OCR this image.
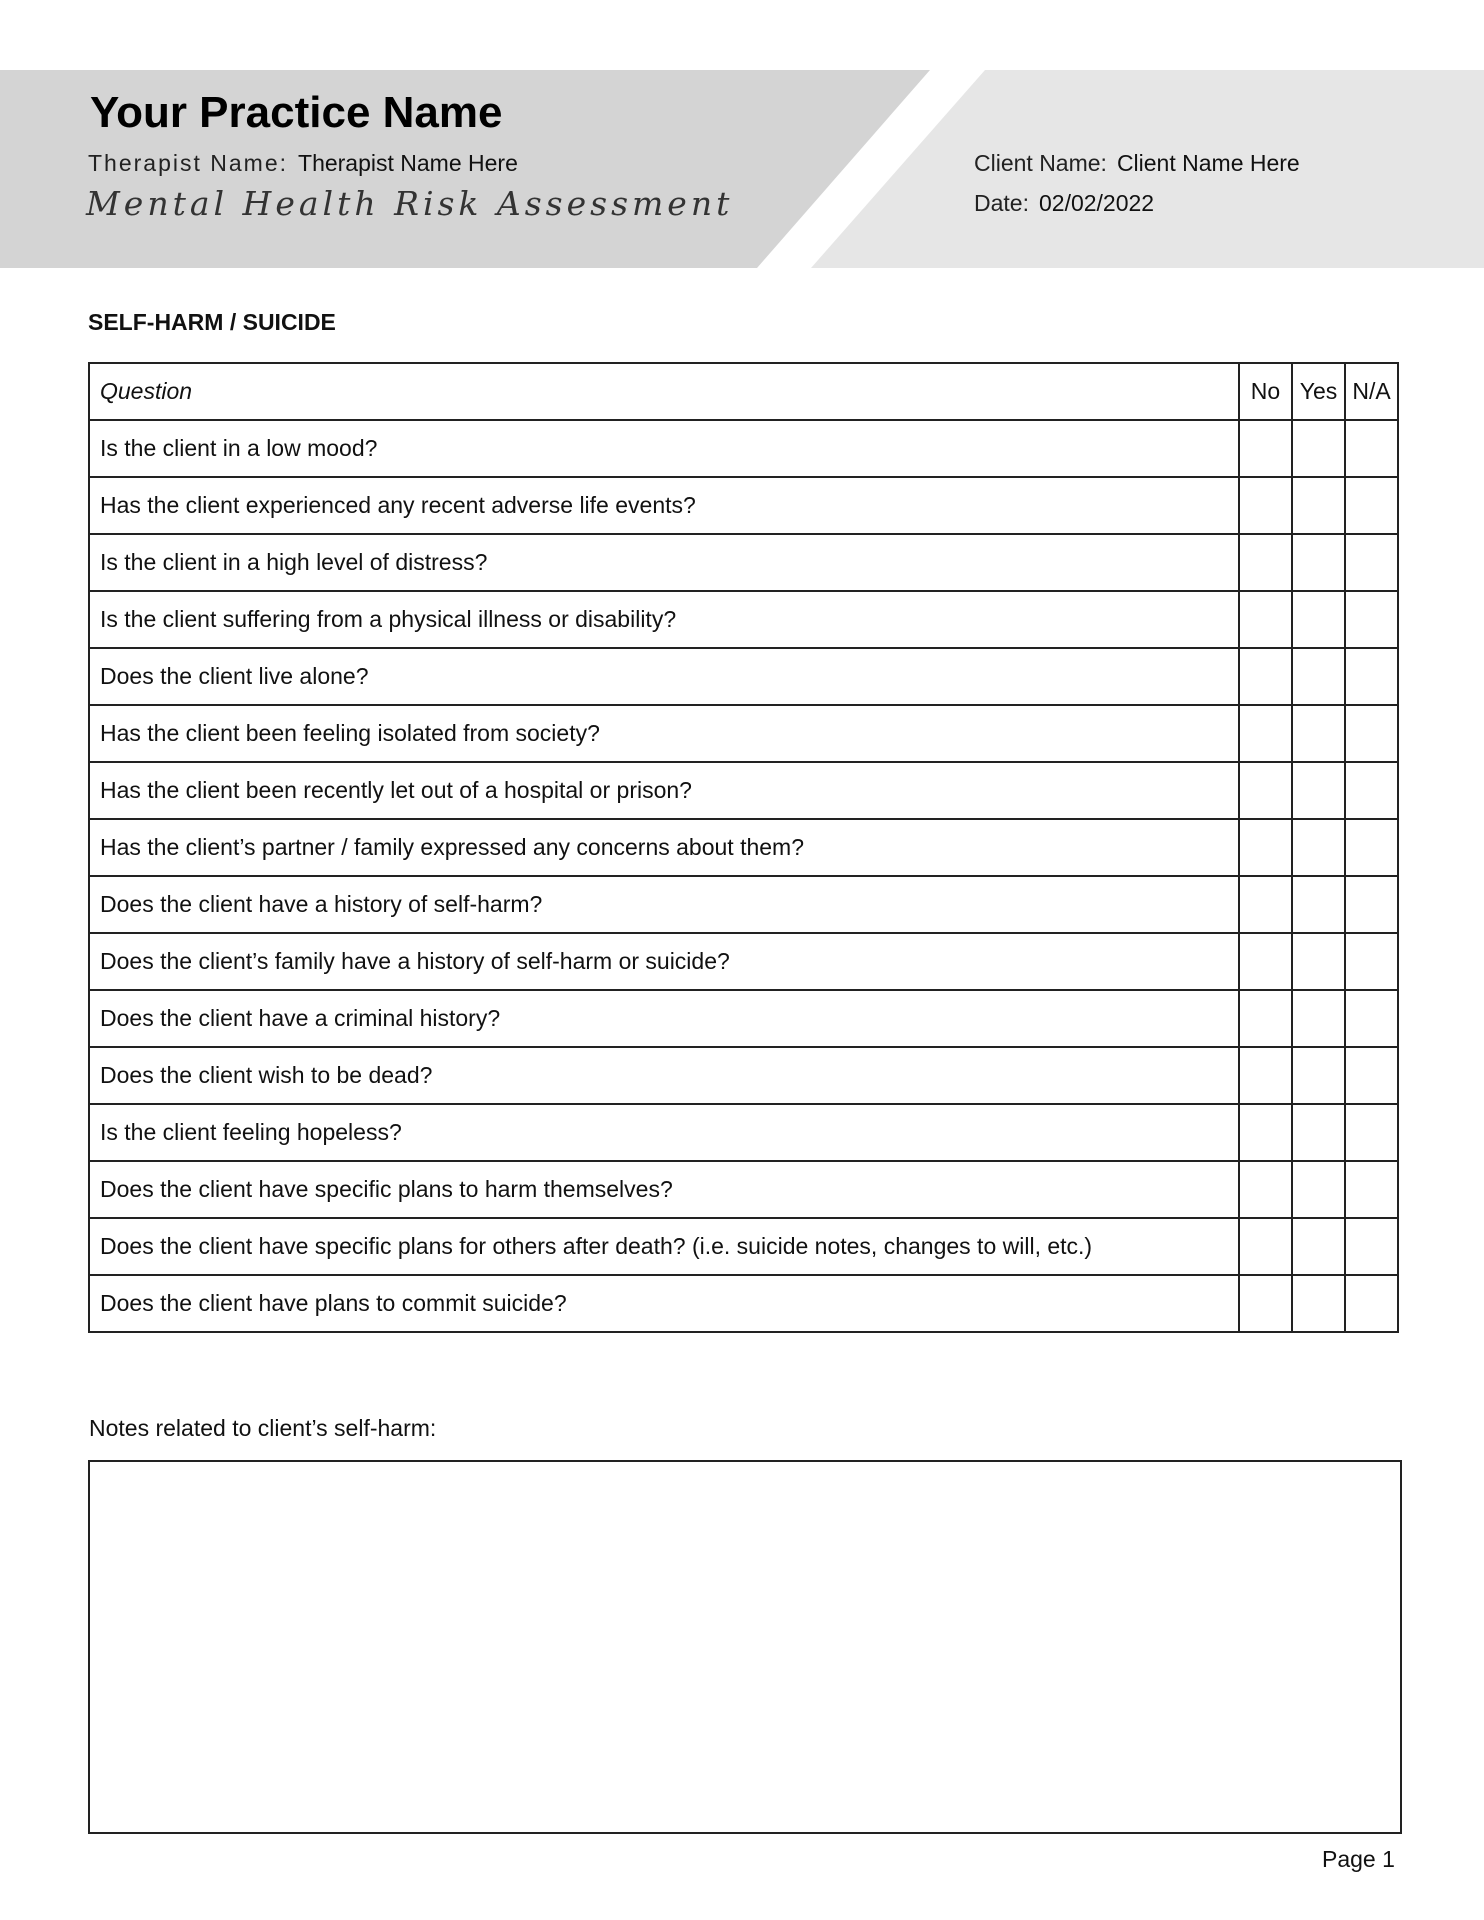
Your Practice Name
Therapist Name: Therapist Name Here
Mental Health Risk Assessment
Client Name: Client Name Here
Date: 02/02/2022
SELF-HARM / SUICIDE
Question	No	Yes	N/A
Is the client in a low mood?			
Has the client experienced any recent adverse life events?			
Is the client in a high level of distress?			
Is the client suffering from a physical illness or disability?			
Does the client live alone?			
Has the client been feeling isolated from society?			
Has the client been recently let out of a hospital or prison?			
Has the client’s partner / family expressed any concerns about them?			
Does the client have a history of self-harm?			
Does the client’s family have a history of self-harm or suicide?			
Does the client have a criminal history?			
Does the client wish to be dead?			
Is the client feeling hopeless?			
Does the client have specific plans to harm themselves?			
Does the client have specific plans for others after death? (i.e. suicide notes, changes to will, etc.)			
Does the client have plans to commit suicide?			
Notes related to client’s self-harm:
Page 1
